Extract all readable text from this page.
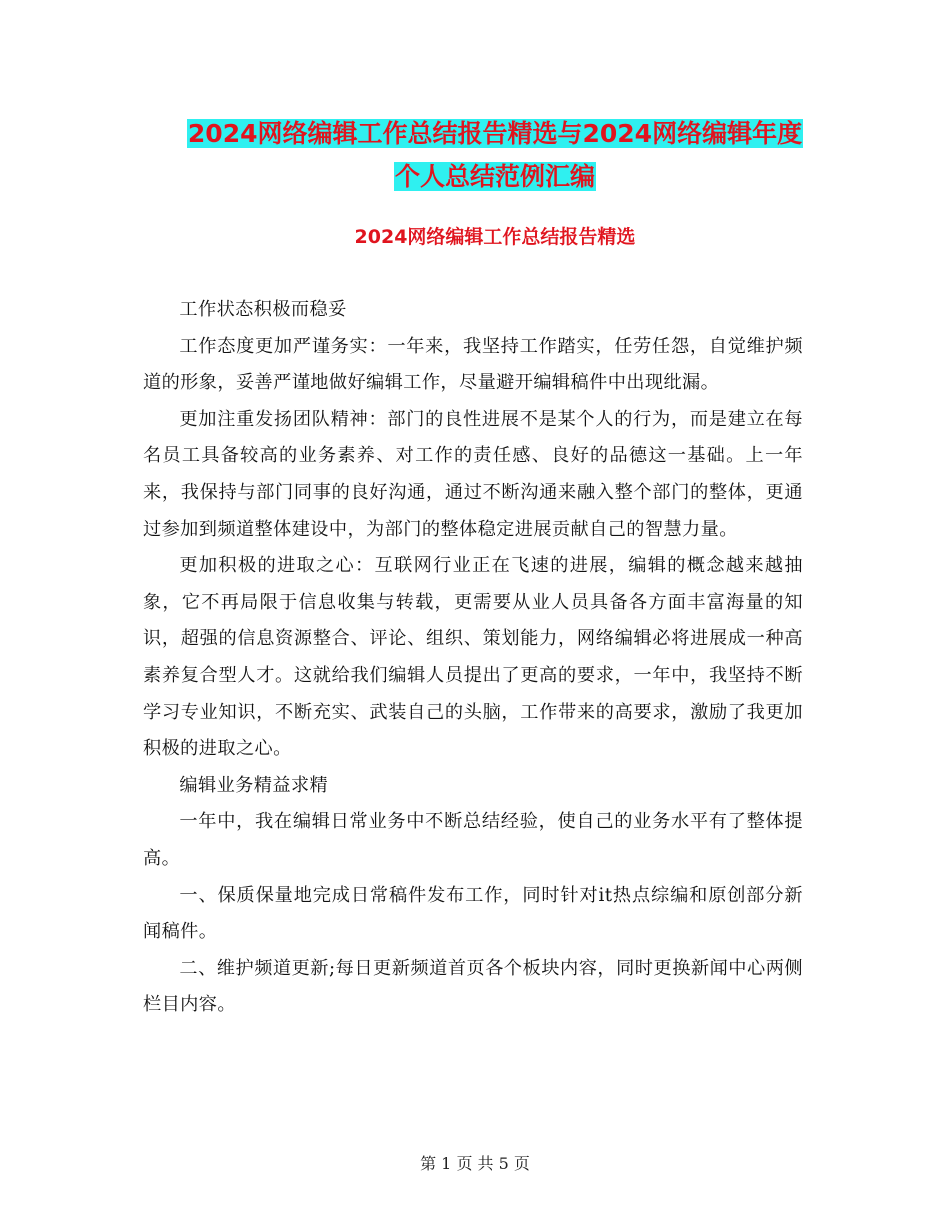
2024网络编辑工作总结报告精选与2024网络编辑年度
个人总结范例汇编
2024网络编辑工作总结报告精选

工作状态积极而稳妥

工作态度更加严谨务实：一年来，我坚持工作踏实，任劳任怨，自觉维护频道的形象，妥善严谨地做好编辑工作，尽量避开编辑稿件中出现纰漏。

更加注重发扬团队精神：部门的良性进展不是某个人的行为，而是建立在每名员工具备较高的业务素养、对工作的责任感、良好的品德这一基础。上一年来，我保持与部门同事的良好沟通，通过不断沟通来融入整个部门的整体，更通过参加到频道整体建设中，为部门的整体稳定进展贡献自己的智慧力量。

更加积极的进取之心：互联网行业正在飞速的进展，编辑的概念越来越抽象，它不再局限于信息收集与转载，更需要从业人员具备各方面丰富海量的知识，超强的信息资源整合、评论、组织、策划能力，网络编辑必将进展成一种高素养复合型人才。这就给我们编辑人员提出了更高的要求，一年中，我坚持不断学习专业知识，不断充实、武装自己的头脑，工作带来的高要求，激励了我更加积极的进取之心。

编辑业务精益求精

一年中，我在编辑日常业务中不断总结经验，使自己的业务水平有了整体提高。

一、保质保量地完成日常稿件发布工作，同时针对it热点综编和原创部分新闻稿件。

二、维护频道更新;每日更新频道首页各个板块内容，同时更换新闻中心两侧栏目内容。

第 1 页 共 5 页
